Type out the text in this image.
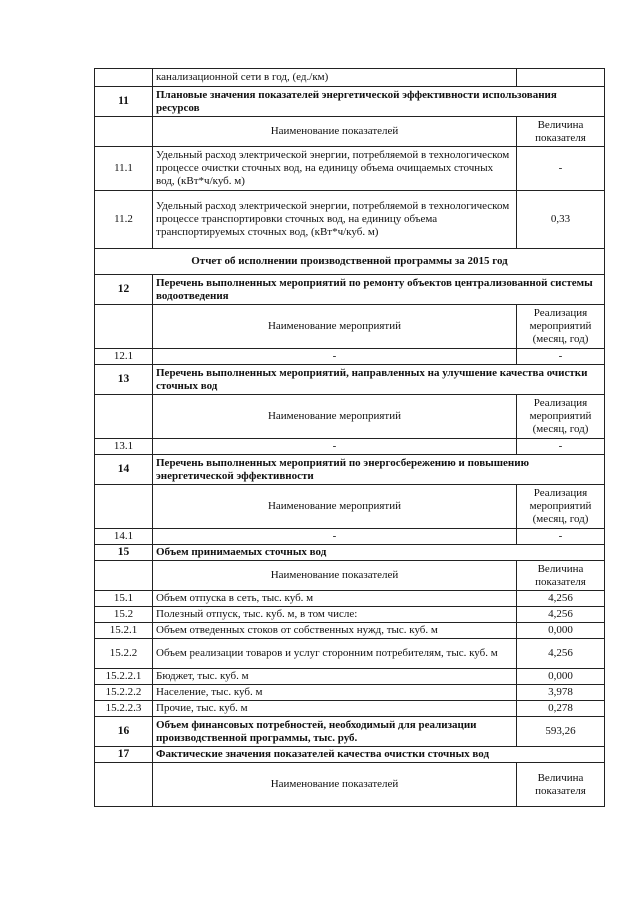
	канализационной сети в год, (ед./км)	
11	Плановые значения показателей энергетической эффективности использования ресурсов	
	Наименование показателей	Величина показателя
11.1	Удельный расход электрической энергии, потребляемой в технологическом процессе очистки сточных вод, на единицу объема очищаемых сточных вод, (кВт*ч/куб. м)	-
11.2	Удельный расход электрической энергии, потребляемой в технологическом процессе транспортировки сточных вод, на единицу объема транспортируемых сточных вод, (кВт*ч/куб. м)	0,33
Отчет об исполнении производственной программы за 2015 год		
12	Перечень выполненных мероприятий по ремонту объектов централизованной системы водоотведения	
	Наименование мероприятий	Реализация мероприятий (месяц, год)
12.1	-	-
13	Перечень выполненных мероприятий, направленных на улучшение качества очистки сточных вод	
	Наименование мероприятий	Реализация мероприятий (месяц, год)
13.1	-	-
14	Перечень выполненных мероприятий по энергосбережению и повышению энергетической эффективности	
	Наименование мероприятий	Реализация мероприятий (месяц, год)
14.1	-	-
15	Объем принимаемых сточных вод	
	Наименование показателей	Величина показателя
15.1	Объем отпуска в сеть, тыс. куб. м	4,256
15.2	Полезный отпуск, тыс. куб. м, в том числе:	4,256
15.2.1	Объем отведенных стоков от собственных нужд, тыс. куб. м	0,000
15.2.2	Объем реализации товаров и услуг сторонним потребителям, тыс. куб. м	4,256
15.2.2.1	Бюджет, тыс. куб. м	0,000
15.2.2.2	Население, тыс. куб. м	3,978
15.2.2.3	Прочие, тыс. куб. м	0,278
16	Объем финансовых потребностей, необходимый для реализации производственной программы, тыс. руб.	593,26
17	Фактические значения показателей качества очистки сточных вод	
	Наименование показателей	Величина показателя
